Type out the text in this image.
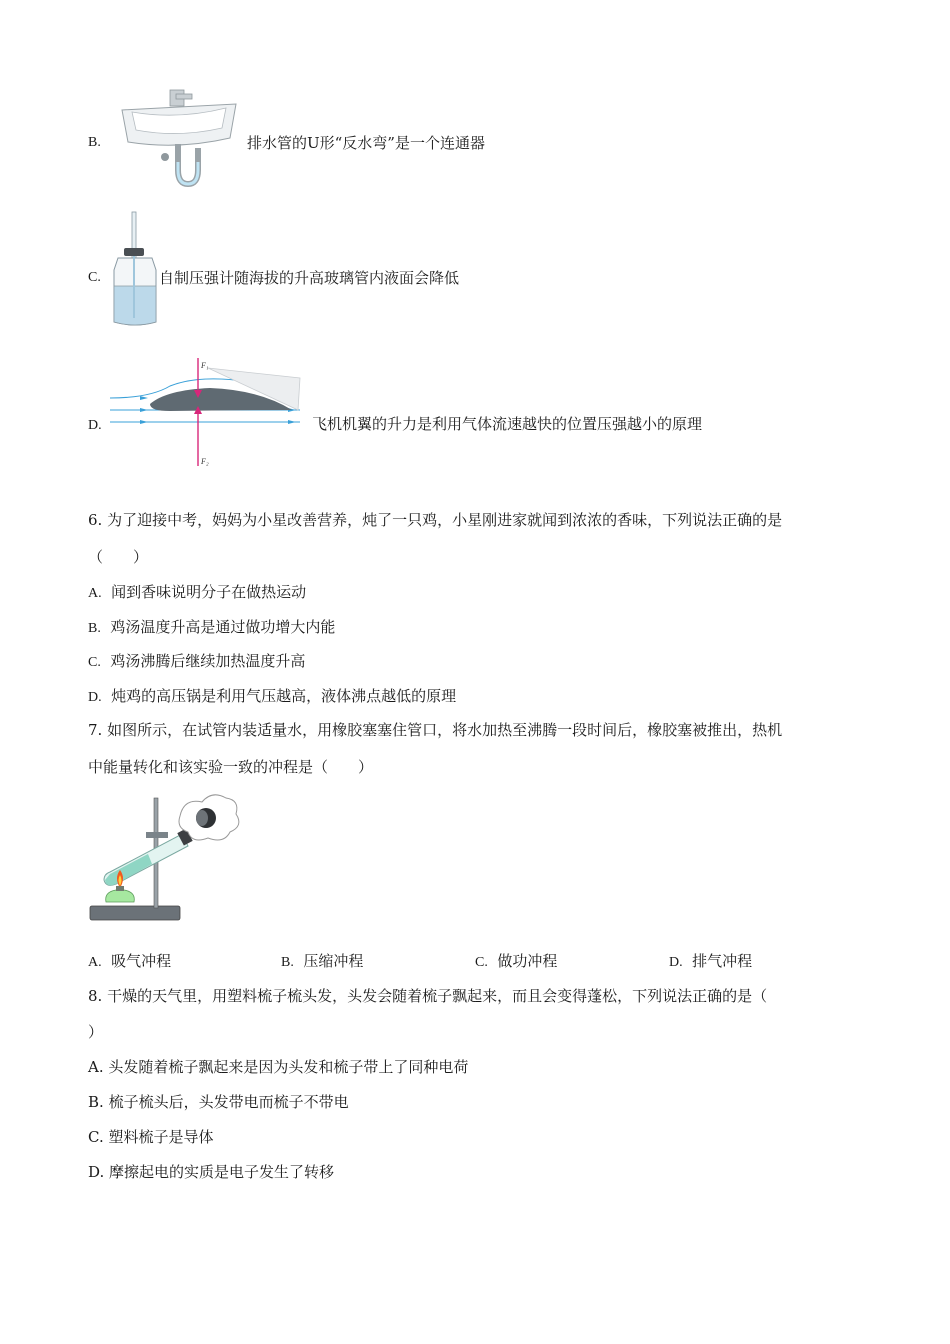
B.	排水管的U形“反水弯”是一个连通器
C.	自制压强计随海拔的升高玻璃管内液面会降低
D.
F₁
F₂
飞机机翼的升力是利用气体流速越快的位置压强越小的原理
6. 为了迎接中考，妈妈为小星改善营养，炖了一只鸡，小星刚进家就闻到浓浓的香味，下列说法正确的是
（　　）
A. 闻到香味说明分子在做热运动
B. 鸡汤温度升高是通过做功增大内能
C. 鸡汤沸腾后继续加热温度升高
D. 炖鸡的高压锅是利用气压越高，液体沸点越低的原理
7. 如图所示，在试管内装适量水，用橡胶塞塞住管口，将水加热至沸腾一段时间后，橡胶塞被推出，热机
中能量转化和该实验一致的冲程是（　　）
A. 吸气冲程	B. 压缩冲程	C. 做功冲程	D. 排气冲程
8. 干燥的天气里，用塑料梳子梳头发，头发会随着梳子飘起来，而且会变得蓬松，下列说法正确的是（
）
A. 头发随着梳子飘起来是因为头发和梳子带上了同种电荷
B. 梳子梳头后，头发带电而梳子不带电
C. 塑料梳子是导体
D. 摩擦起电的实质是电子发生了转移
